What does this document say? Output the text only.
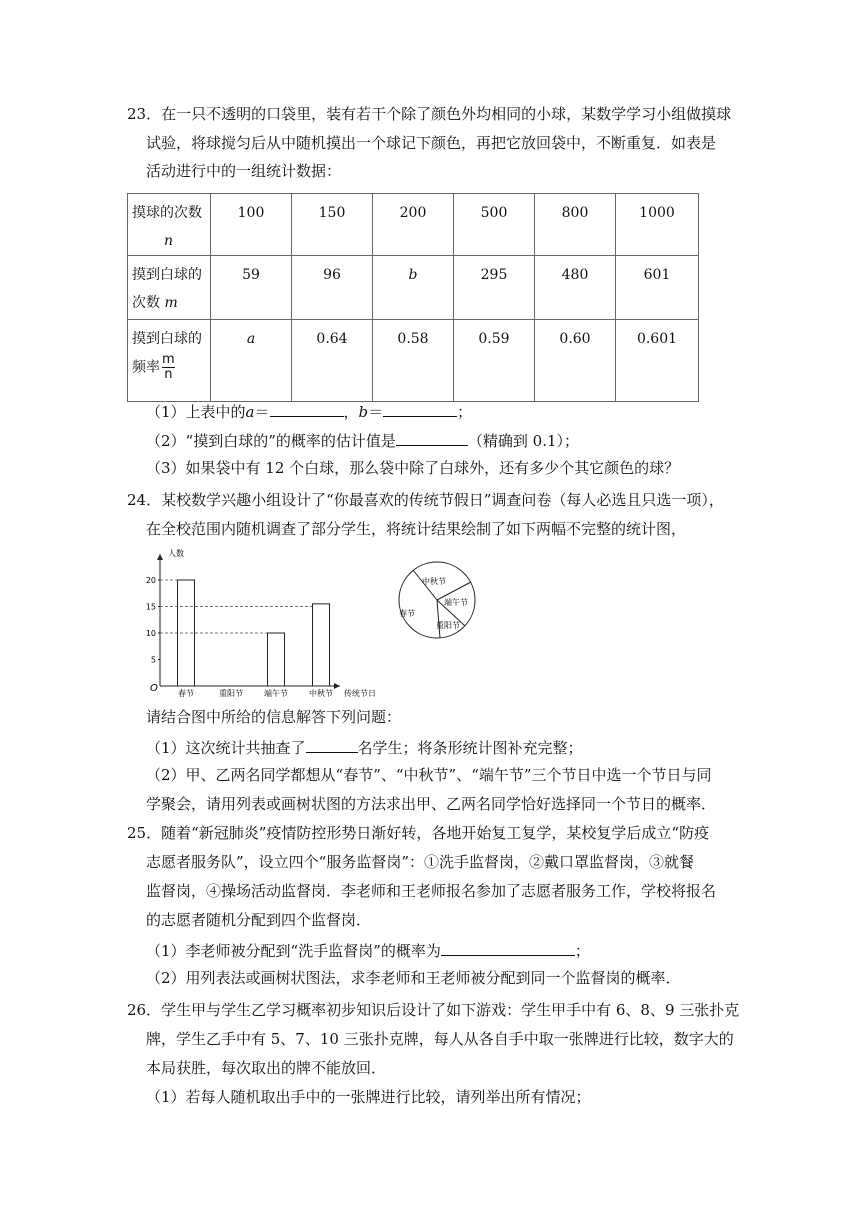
23．在一只不透明的口袋里，装有若干个除了颜色外均相同的小球，某数学学习小组做摸球
试验，将球搅匀后从中随机摸出一个球记下颜色，再把它放回袋中，不断重复．如表是
活动进行中的一组统计数据：
摸球的次数
n	100	150	200	500	800	1000

摸到白球的
次数 m	59	96	b	295	480	601

摸到白球的
频率 $\frac{m}{n}$	a	0.64	0.58	0.59	0.60	0.601
（1）上表中的a＝	，b＝	；
（2）“摸到白球的”的概率的估计值是	（精确到 0.1）；
（3）如果袋中有 12 个白球，那么袋中除了白球外，还有多少个其它颜色的球？
24．某校数学兴趣小组设计了“你最喜欢的传统节假日”调查问卷（每人必选且只选一项），
在全校范围内随机调查了部分学生，将统计结果绘制了如下两幅不完整的统计图，
人数
传统节日
O
5
10
15
20
春节	重阳节	端午节	中秋节
中秋节
端午节
春节
重阳节
请结合图中所给的信息解答下列问题：
（1）这次统计共抽查了	名学生；将条形统计图补充完整；
（2）甲、乙两名同学都想从“春节”、“中秋节”、“端午节”三个节日中选一个节日与同
学聚会，请用列表或画树状图的方法求出甲、乙两名同学恰好选择同一个节日的概率．
25．随着“新冠肺炎”疫情防控形势日渐好转，各地开始复工复学，某校复学后成立“防疫
志愿者服务队”，设立四个“服务监督岗”：①洗手监督岗，②戴口罩监督岗，③就餐
监督岗，④操场活动监督岗．李老师和王老师报名参加了志愿者服务工作，学校将报名
的志愿者随机分配到四个监督岗．
（1）李老师被分配到“洗手监督岗”的概率为	；
（2）用列表法或画树状图法，求李老师和王老师被分配到同一个监督岗的概率．
26．学生甲与学生乙学习概率初步知识后设计了如下游戏：学生甲手中有 6、8、9 三张扑克
牌，学生乙手中有 5、7、10 三张扑克牌，每人从各自手中取一张牌进行比较，数字大的
本局获胜，每次取出的牌不能放回．
（1）若每人随机取出手中的一张牌进行比较，请列举出所有情况；
